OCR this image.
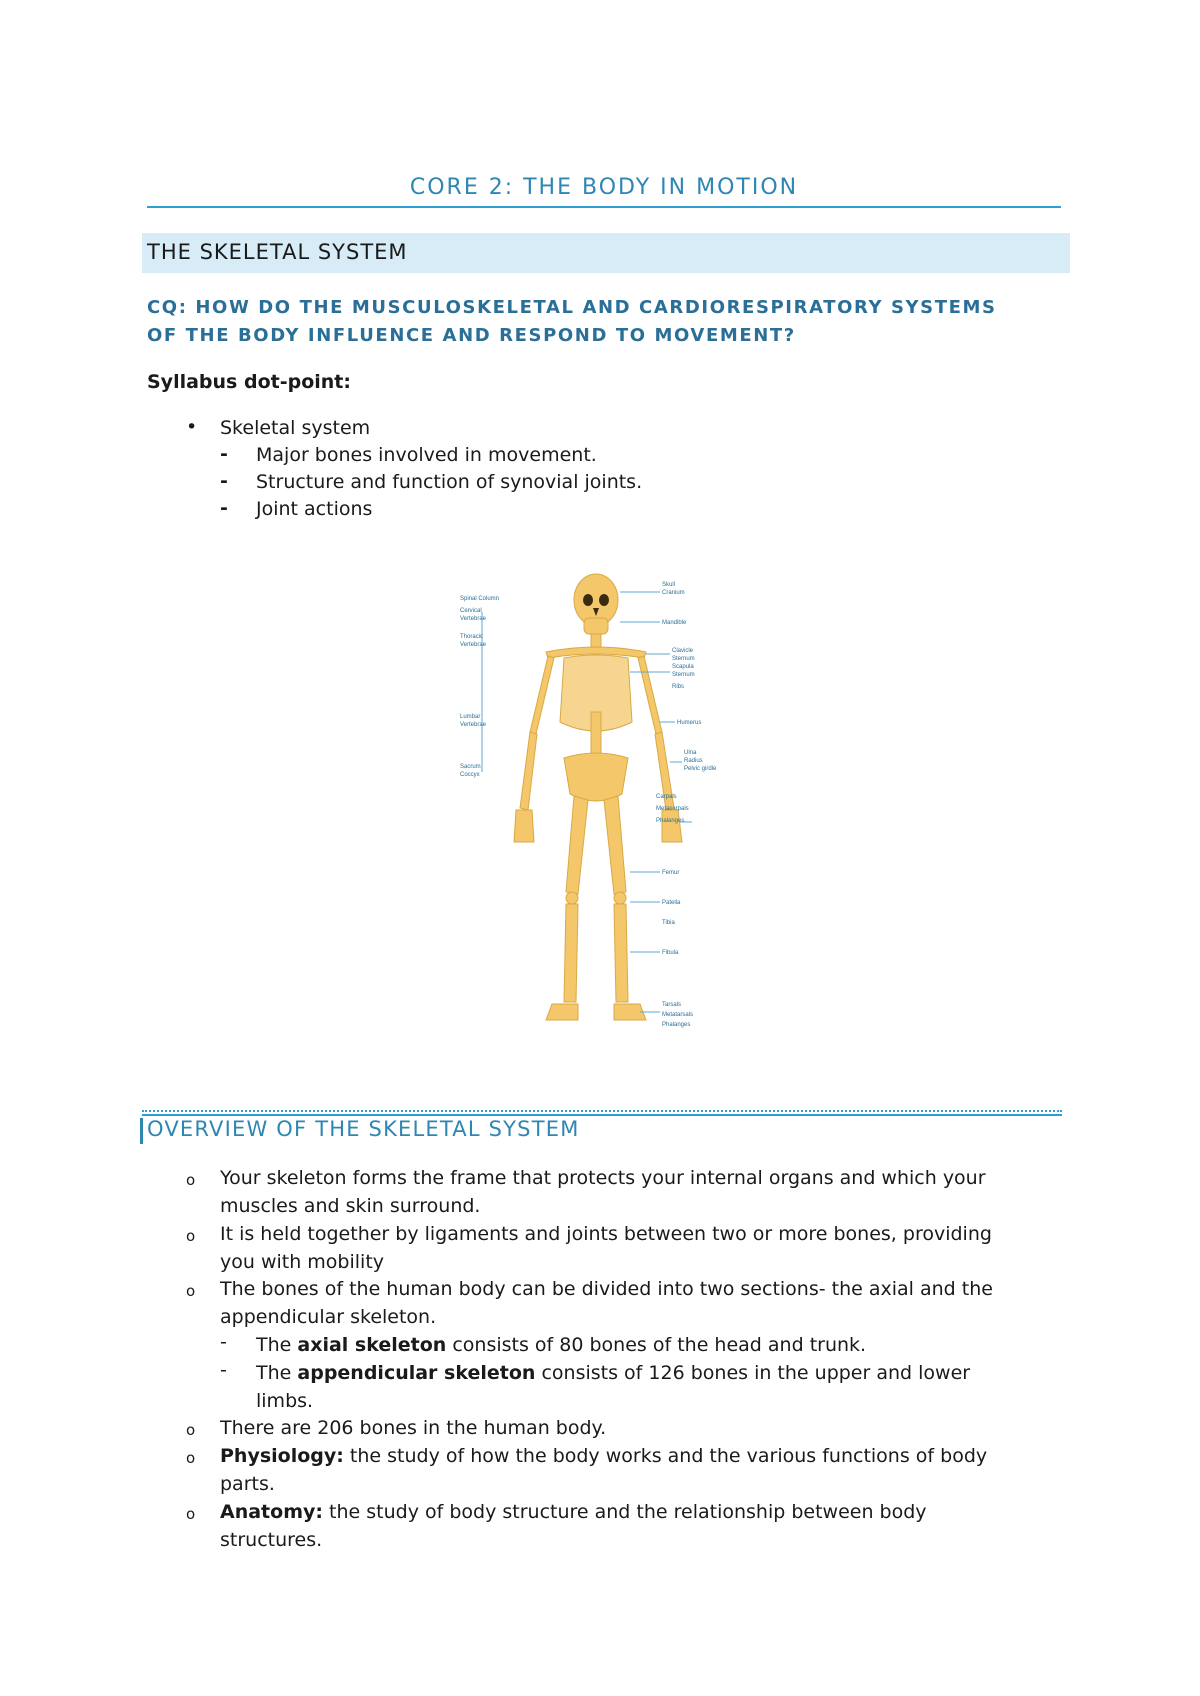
CORE 2: THE BODY IN MOTION
THE SKELETAL SYSTEM
CQ: HOW DO THE MUSCULOSKELETAL AND CARDIORESPIRATORY SYSTEMS
OF THE BODY INFLUENCE AND RESPOND TO MOVEMENT?
Syllabus dot-point:
• Skeletal system
- Major bones involved in movement.
- Structure and function of synovial joints.
- Joint actions
Spinal Column
Cervical
Vertebrae
Thoracic
Vertebrae
Lumbar
Vertebrae
Sacrum
Coccyx
Skull
Cranium
Mandible
Clavicle
Sternum
Scapula
Sternum
Ribs
Humerus
Ulna
Radius
Pelvic girdle
Carpals
Metacarpals
Phalanges
Femur
Patella
Tibia
Fibula
Tarsals
Metatarsals
Phalanges
OVERVIEW OF THE SKELETAL SYSTEM
o Your skeleton forms the frame that protects your internal organs and which your
muscles and skin surround.
o It is held together by ligaments and joints between two or more bones, providing
you with mobility
o The bones of the human body can be divided into two sections- the axial and the
appendicular skeleton.
- The axial skeleton consists of 80 bones of the head and trunk.
- The appendicular skeleton consists of 126 bones in the upper and lower
limbs.
o There are 206 bones in the human body.
o Physiology: the study of how the body works and the various functions of body
parts.
o Anatomy: the study of body structure and the relationship between body
structures.
